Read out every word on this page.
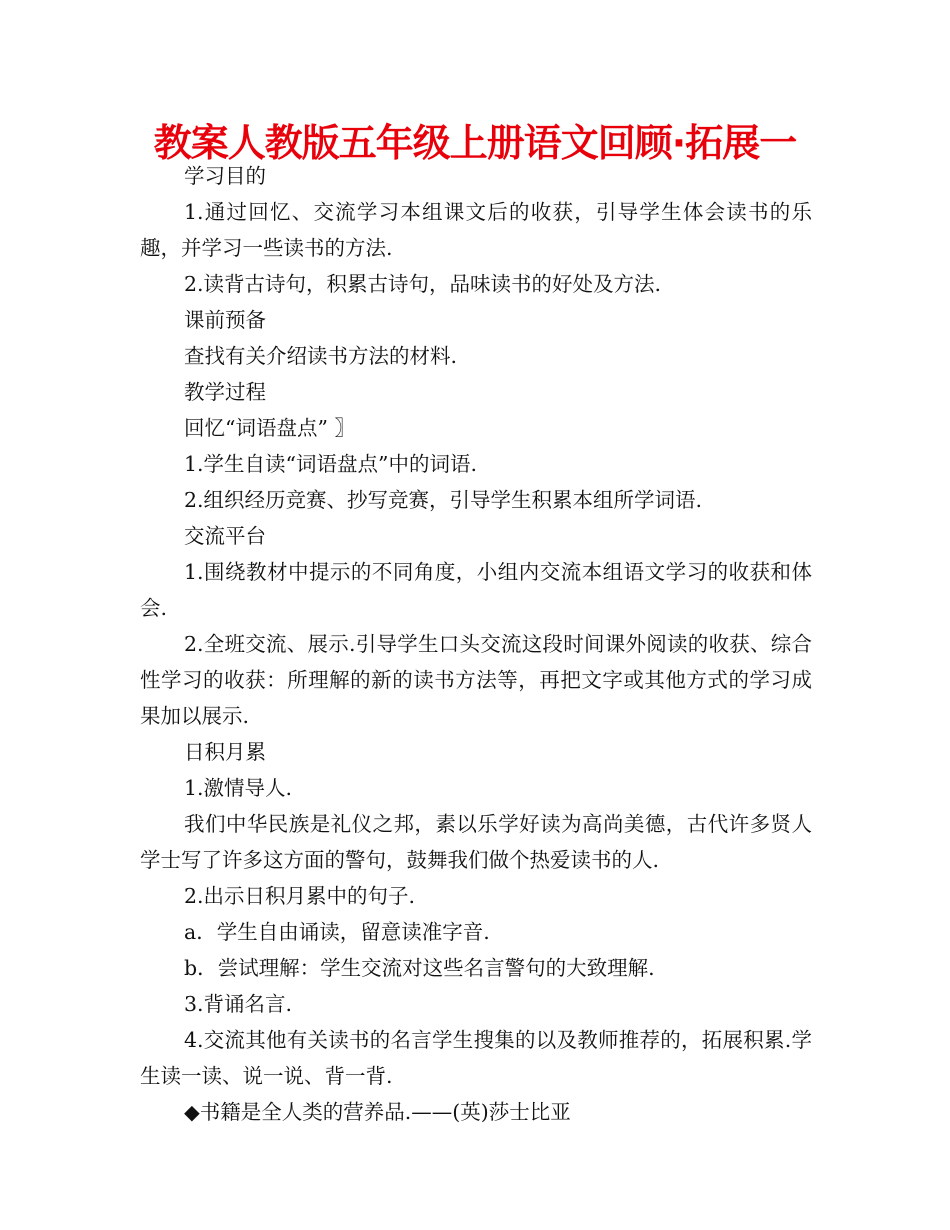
教案人教版五年级上册语文回顾·拓展一

学习目的

1.通过回忆、交流学习本组课文后的收获，引导学生体会读书的乐趣，并学习一些读书的方法.

2.读背古诗句，积累古诗句，品味读书的好处及方法.

课前预备

查找有关介绍读书方法的材料.

教学过程

回忆“词语盘点” 〗

1.学生自读“词语盘点”中的词语.

2.组织经历竞赛、抄写竞赛，引导学生积累本组所学词语.

交流平台

1.围绕教材中提示的不同角度，小组内交流本组语文学习的收获和体会.

2.全班交流、展示.引导学生口头交流这段时间课外阅读的收获、综合性学习的收获：所理解的新的读书方法等，再把文字或其他方式的学习成果加以展示.

日积月累

1.激情导人.

我们中华民族是礼仪之邦，素以乐学好读为高尚美德，古代许多贤人学士写了许多这方面的警句，鼓舞我们做个热爱读书的人.

2.出示日积月累中的句子.

a．学生自由诵读，留意读准字音.

b．尝试理解：学生交流对这些名言警句的大致理解.

3.背诵名言.

4.交流其他有关读书的名言学生搜集的以及教师推荐的，拓展积累.学生读一读、说一说、背一背.

◆书籍是全人类的营养品.——(英)莎士比亚
